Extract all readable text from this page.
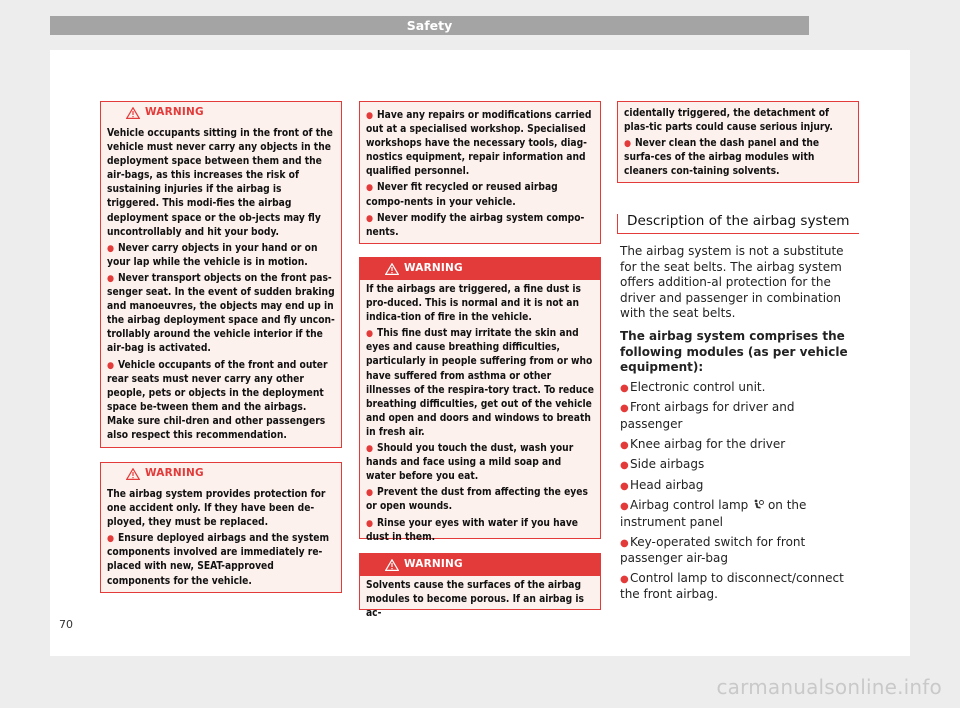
Safety
WARNING

Vehicle occupants sitting in the front of the vehicle must never carry any objects in the deployment space between them and the air-bags, as this increases the risk of sustaining injuries if the airbag is triggered. This modi-fies the airbag deployment space or the ob-jects may fly uncontrollably and hit your body.

● Never carry objects in your hand or on your lap while the vehicle is in motion.

● Never transport objects on the front pas-senger seat. In the event of sudden braking and manoeuvres, the objects may end up in the airbag deployment space and fly uncon-trollably around the vehicle interior if the air-bag is activated.

● Vehicle occupants of the front and outer rear seats must never carry any other people, pets or objects in the deployment space be-tween them and the airbags. Make sure chil-dren and other passengers also respect this recommendation.

WARNING

The airbag system provides protection for one accident only. If they have been de-ployed, they must be replaced.

● Ensure deployed airbags and the system components involved are immediately re-placed with new, SEAT-approved components for the vehicle.

● Have any repairs or modifications carried out at a specialised workshop. Specialised workshops have the necessary tools, diag-nostics equipment, repair information and qualified personnel.

● Never fit recycled or reused airbag compo-nents in your vehicle.

● Never modify the airbag system compo-nents.

WARNING

If the airbags are triggered, a fine dust is pro-duced. This is normal and it is not an indica-tion of fire in the vehicle.

● This fine dust may irritate the skin and eyes and cause breathing difficulties, particularly in people suffering from or who have suffered from asthma or other illnesses of the respira-tory tract. To reduce breathing difficulties, get out of the vehicle and open and doors and windows to breath in fresh air.

● Should you touch the dust, wash your hands and face using a mild soap and water before you eat.

● Prevent the dust from affecting the eyes or open wounds.

● Rinse your eyes with water if you have dust in them.

WARNING

Solvents cause the surfaces of the airbag modules to become porous. If an airbag is ac-

cidentally triggered, the detachment of plas-tic parts could cause serious injury.

● Never clean the dash panel and the surfa-ces of the airbag modules with cleaners con-taining solvents.

Description of the airbag system

The airbag system is not a substitute for the seat belts. The airbag system offers addition-al protection for the driver and passenger in combination with the seat belts.

The airbag system comprises the following modules (as per vehicle equipment):

●Electronic control unit.

●Front airbags for driver and passenger

●Knee airbag for the driver

●Side airbags

●Head airbag

●Airbag control lamp on the instrument panel

●Key-operated switch for front passenger air-bag

●Control lamp to disconnect/connect the front airbag.

70
carmanualsonline.info
